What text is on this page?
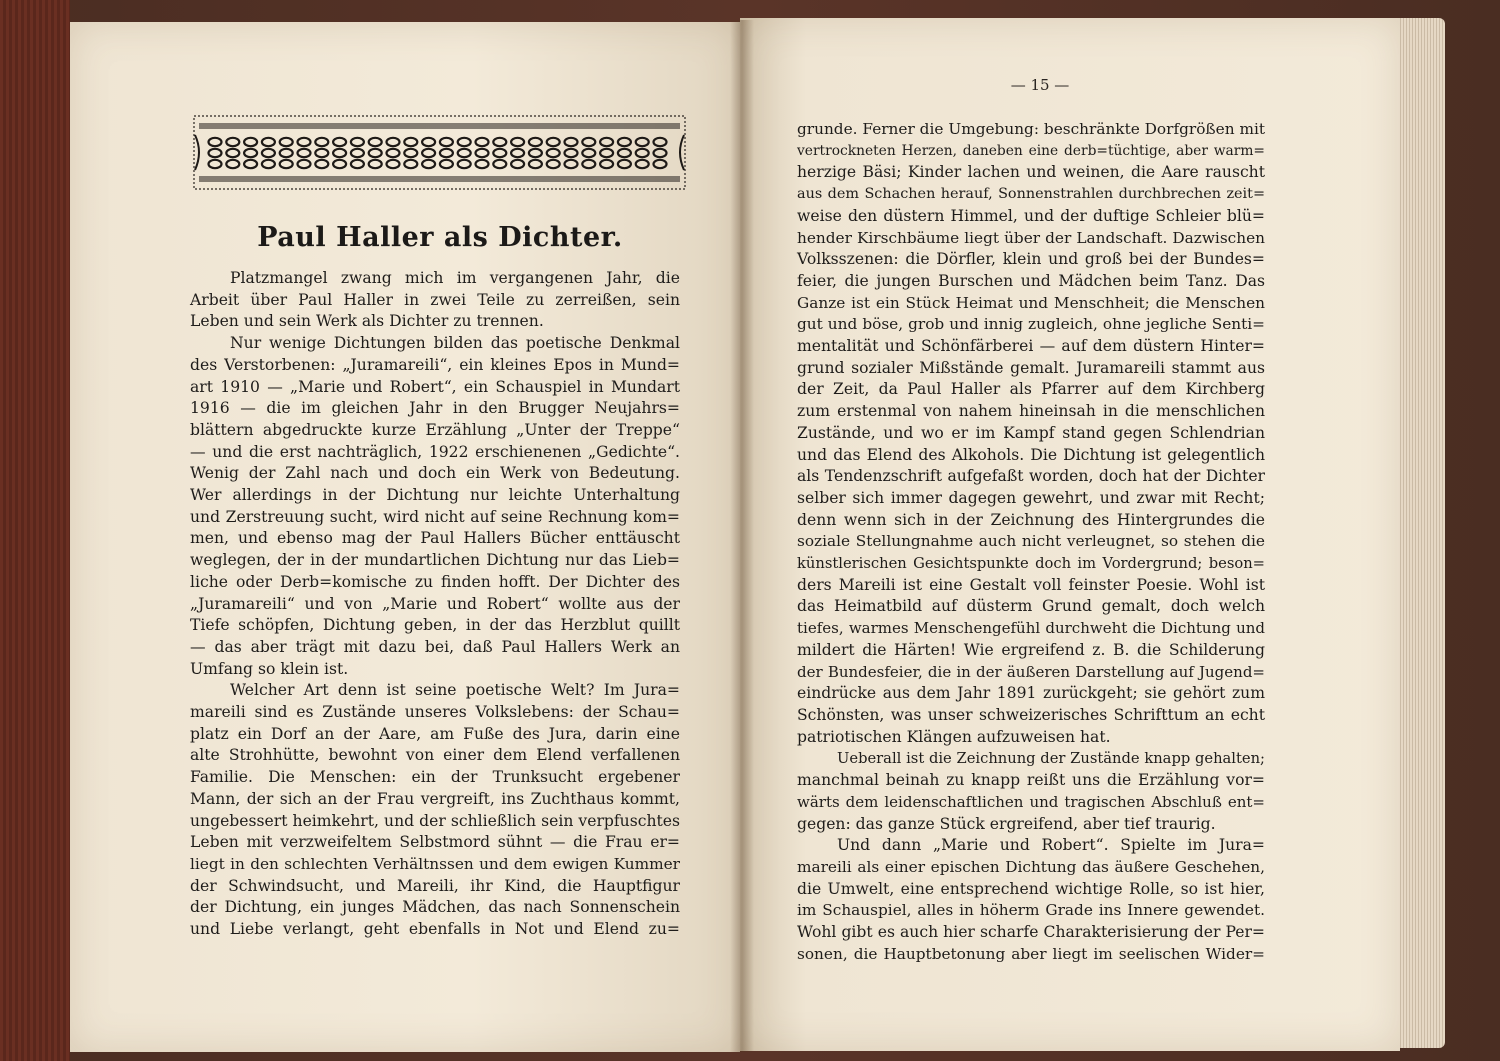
Paul Haller als Dichter.
Platzmangel zwang mich im vergangenen Jahr, die
Arbeit über Paul Haller in zwei Teile zu zerreißen, sein
Leben und sein Werk als Dichter zu trennen.
Nur wenige Dichtungen bilden das poetische Denkmal
des Verstorbenen: „Juramareili“, ein kleines Epos in Mund=
art 1910 — „Marie und Robert“, ein Schauspiel in Mundart
1916 — die im gleichen Jahr in den Brugger Neujahrs=
blättern abgedruckte kurze Erzählung „Unter der Treppe“
— und die erst nachträglich, 1922 erschienenen „Gedichte“.
Wenig der Zahl nach und doch ein Werk von Bedeutung.
Wer allerdings in der Dichtung nur leichte Unterhaltung
und Zerstreuung sucht, wird nicht auf seine Rechnung kom=
men, und ebenso mag der Paul Hallers Bücher enttäuscht
weglegen, der in der mundartlichen Dichtung nur das Lieb=
liche oder Derb=komische zu finden hofft. Der Dichter des
„Juramareili“ und von „Marie und Robert“ wollte aus der
Tiefe schöpfen, Dichtung geben, in der das Herzblut quillt
— das aber trägt mit dazu bei, daß Paul Hallers Werk an
Umfang so klein ist.
Welcher Art denn ist seine poetische Welt? Im Jura=
mareili sind es Zustände unseres Volkslebens: der Schau=
platz ein Dorf an der Aare, am Fuße des Jura, darin eine
alte Strohhütte, bewohnt von einer dem Elend verfallenen
Familie. Die Menschen: ein der Trunksucht ergebener
Mann, der sich an der Frau vergreift, ins Zuchthaus kommt,
ungebessert heimkehrt, und der schließlich sein verpfuschtes
Leben mit verzweifeltem Selbstmord sühnt — die Frau er=
liegt in den schlechten Verhältnssen und dem ewigen Kummer
der Schwindsucht, und Mareili, ihr Kind, die Hauptfigur
der Dichtung, ein junges Mädchen, das nach Sonnenschein
und Liebe verlangt, geht ebenfalls in Not und Elend zu=
— 15 —
grunde. Ferner die Umgebung: beschränkte Dorfgrößen mit
vertrockneten Herzen, daneben eine derb=tüchtige, aber warm=
herzige Bäsi; Kinder lachen und weinen, die Aare rauscht
aus dem Schachen herauf, Sonnenstrahlen durchbrechen zeit=
weise den düstern Himmel, und der duftige Schleier blü=
hender Kirschbäume liegt über der Landschaft. Dazwischen
Volksszenen: die Dörfler, klein und groß bei der Bundes=
feier, die jungen Burschen und Mädchen beim Tanz. Das
Ganze ist ein Stück Heimat und Menschheit; die Menschen
gut und böse, grob und innig zugleich, ohne jegliche Senti=
mentalität und Schönfärberei — auf dem düstern Hinter=
grund sozialer Mißstände gemalt. Juramareili stammt aus
der Zeit, da Paul Haller als Pfarrer auf dem Kirchberg
zum erstenmal von nahem hineinsah in die menschlichen
Zustände, und wo er im Kampf stand gegen Schlendrian
und das Elend des Alkohols. Die Dichtung ist gelegentlich
als Tendenzschrift aufgefaßt worden, doch hat der Dichter
selber sich immer dagegen gewehrt, und zwar mit Recht;
denn wenn sich in der Zeichnung des Hintergrundes die
soziale Stellungnahme auch nicht verleugnet, so stehen die
künstlerischen Gesichtspunkte doch im Vordergrund; beson=
ders Mareili ist eine Gestalt voll feinster Poesie. Wohl ist
das Heimatbild auf düsterm Grund gemalt, doch welch
tiefes, warmes Menschengefühl durchweht die Dichtung und
mildert die Härten! Wie ergreifend z. B. die Schilderung
der Bundesfeier, die in der äußeren Darstellung auf Jugend=
eindrücke aus dem Jahr 1891 zurückgeht; sie gehört zum
Schönsten, was unser schweizerisches Schrifttum an echt
patriotischen Klängen aufzuweisen hat.
Ueberall ist die Zeichnung der Zustände knapp gehalten;
manchmal beinah zu knapp reißt uns die Erzählung vor=
wärts dem leidenschaftlichen und tragischen Abschluß ent=
gegen: das ganze Stück ergreifend, aber tief traurig.
Und dann „Marie und Robert“. Spielte im Jura=
mareili als einer epischen Dichtung das äußere Geschehen,
die Umwelt, eine entsprechend wichtige Rolle, so ist hier,
im Schauspiel, alles in höherm Grade ins Innere gewendet.
Wohl gibt es auch hier scharfe Charakterisierung der Per=
sonen, die Hauptbetonung aber liegt im seelischen Wider=
